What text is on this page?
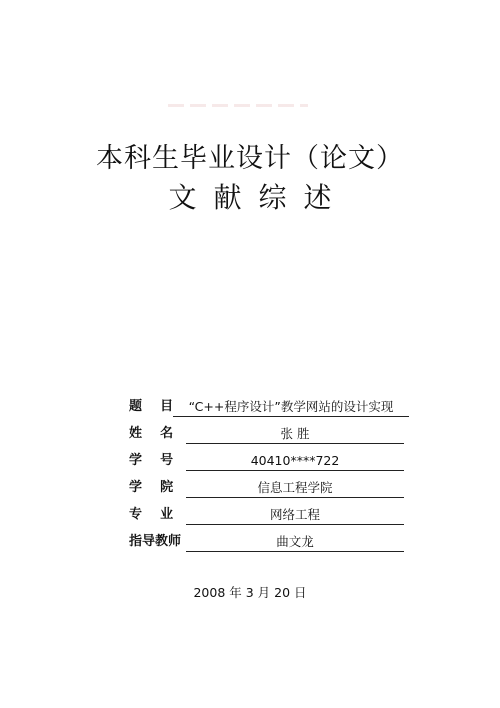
本科生毕业设计（论文）
文献综述
题    目	“C++程序设计”教学网站的设计实现
姓    名	张 胜
学    号	40410****722
学    院	信息工程学院
专    业	网络工程
指导教师	曲文龙
2008 年 3 月 20 日
